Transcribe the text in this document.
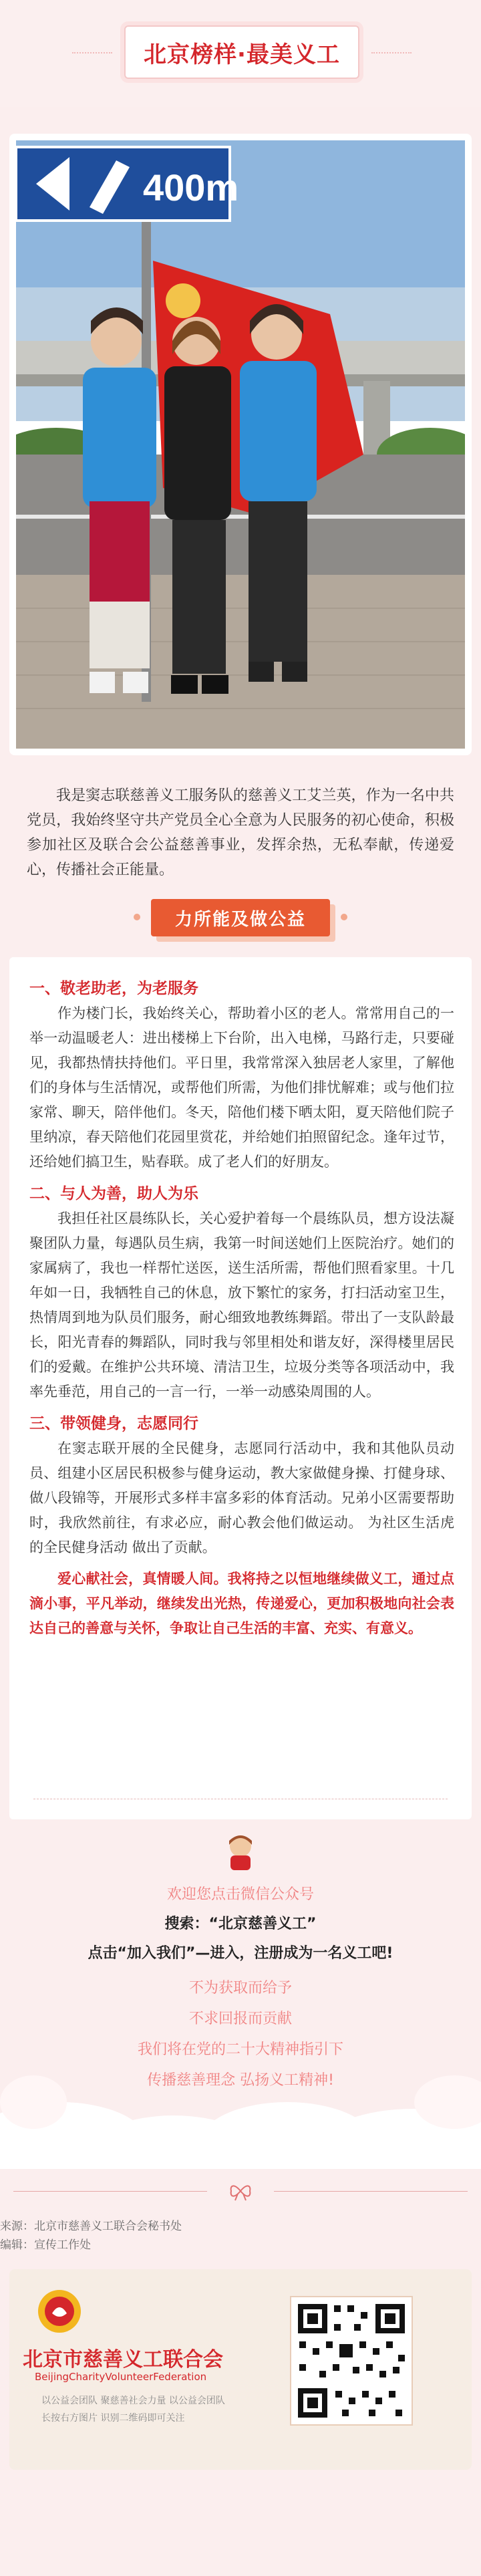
北京榜样·最美义工
400m

我是窦志联慈善义工服务队的慈善义工艾兰英，作为一名中共党员，我始终坚守共产党员全心全意为人民服务的初心使命，积极参加社区及联合会公益慈善事业，发挥余热，无私奉献，传递爱心，传播社会正能量。

力所能及做公益
一、敬老助老，为老服务

作为楼门长，我始终关心，帮助着小区的老人。常常用自己的一举一动温暖老人：进出楼梯上下台阶，出入电梯，马路行走，只要碰见，我都热情扶持他们。平日里，我常常深入独居老人家里，了解他们的身体与生活情况，或帮他们所需，为他们排忧解难；或与他们拉家常、聊天，陪伴他们。冬天，陪他们楼下晒太阳，夏天陪他们院子里纳凉，春天陪他们花园里赏花，并给她们拍照留纪念。逢年过节，还给她们搞卫生，贴春联。成了老人们的好朋友。

二、与人为善，助人为乐

我担任社区晨练队长，关心爱护着每一个晨练队员，想方设法凝聚团队力量，每遇队员生病，我第一时间送她们上医院治疗。她们的家属病了，我也一样帮忙送医，送生活所需，帮他们照看家里。十几年如一日，我牺牲自己的休息，放下繁忙的家务，打扫活动室卫生，热情周到地为队员们服务，耐心细致地教练舞蹈。带出了一支队龄最长，阳光青春的舞蹈队，同时我与邻里相处和谐友好，深得楼里居民们的爱戴。在维护公共环境、清洁卫生，垃圾分类等各项活动中，我率先垂范，用自己的一言一行，一举一动感染周围的人。

三、带领健身，志愿同行

在窦志联开展的全民健身，志愿同行活动中，我和其他队员动员、组建小区居民积极参与健身运动，教大家做健身操、打健身球、做八段锦等，开展形式多样丰富多彩的体育活动。兄弟小区需要帮助时，我欣然前往，有求必应，耐心教会他们做运动。 为社区生活虎的全民健身活动 做出了贡献。

爱心献社会，真情暖人间。我将持之以恒地继续做义工，通过点滴小事，平凡举动，继续发出光热，传递爱心，更加积极地向社会表达自己的善意与关怀，争取让自己生活的丰富、充实、有意义。

欢迎您点击微信公众号
搜索：“北京慈善义工”
点击“加入我们”—进入，注册成为一名义工吧!
不为获取而给予
不求回报而贡献
我们将在党的二十大精神指引下
传播慈善理念 弘扬义工精神!
来源：北京市慈善义工联合会秘书处
编辑：宣传工作处
北京市慈善义工联合会
BeijingCharityVolunteerFederation
以公益会团队 聚慈善社会力量 以公益会团队
长按右方图片 识别二维码即可关注
